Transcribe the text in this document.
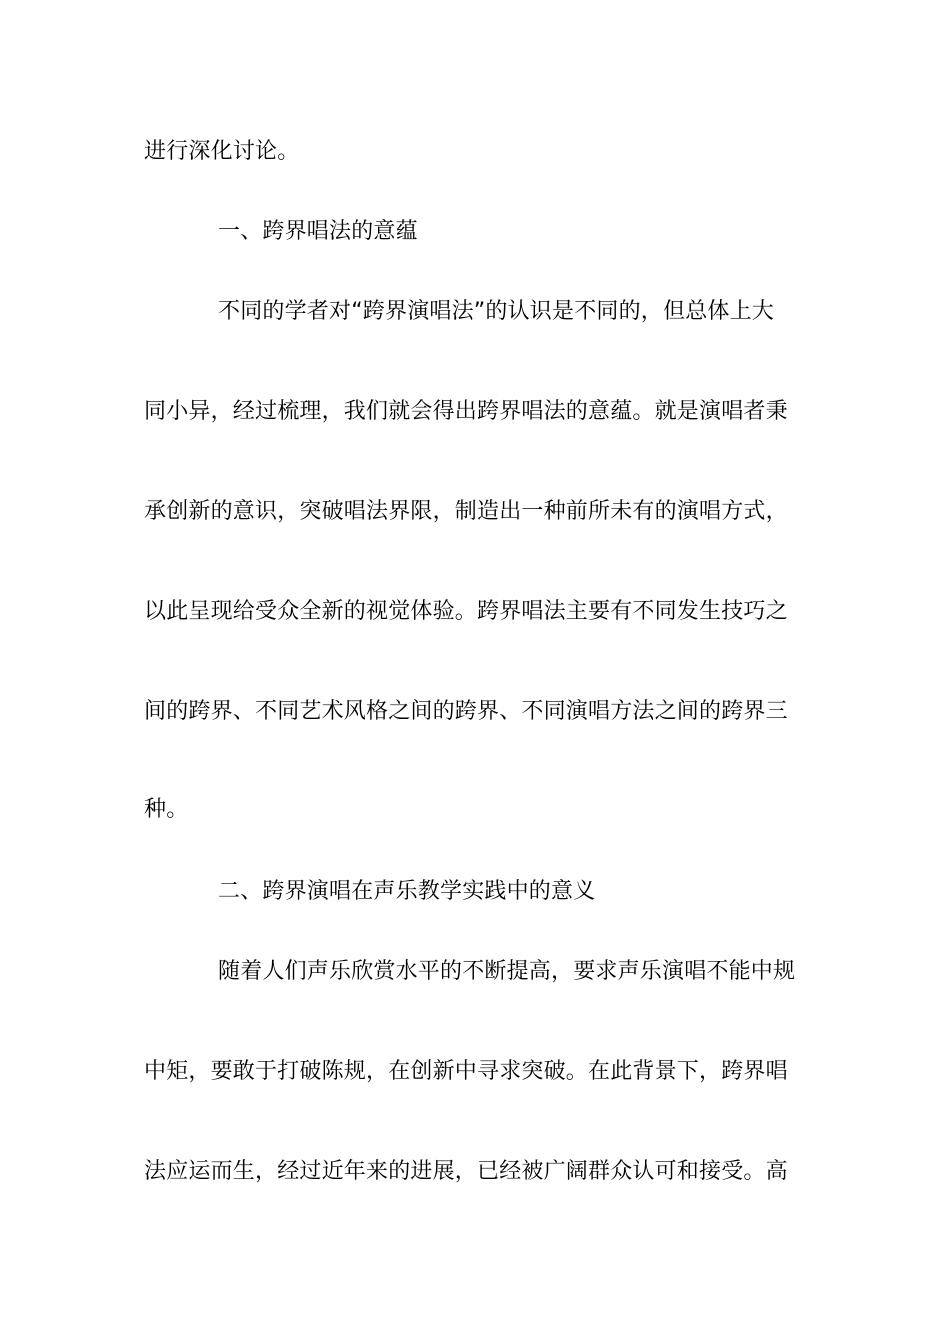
进行深化讨论。
一、跨界唱法的意蕴
不同的学者对“跨界演唱法”的认识是不同的，但总体上大
同小异，经过梳理，我们就会得出跨界唱法的意蕴。就是演唱者秉
承创新的意识，突破唱法界限，制造出一种前所未有的演唱方式，
以此呈现给受众全新的视觉体验。跨界唱法主要有不同发生技巧之
间的跨界、不同艺术风格之间的跨界、不同演唱方法之间的跨界三
种。
二、跨界演唱在声乐教学实践中的意义
随着人们声乐欣赏水平的不断提高，要求声乐演唱不能中规
中矩，要敢于打破陈规，在创新中寻求突破。在此背景下，跨界唱
法应运而生，经过近年来的进展，已经被广阔群众认可和接受。高
